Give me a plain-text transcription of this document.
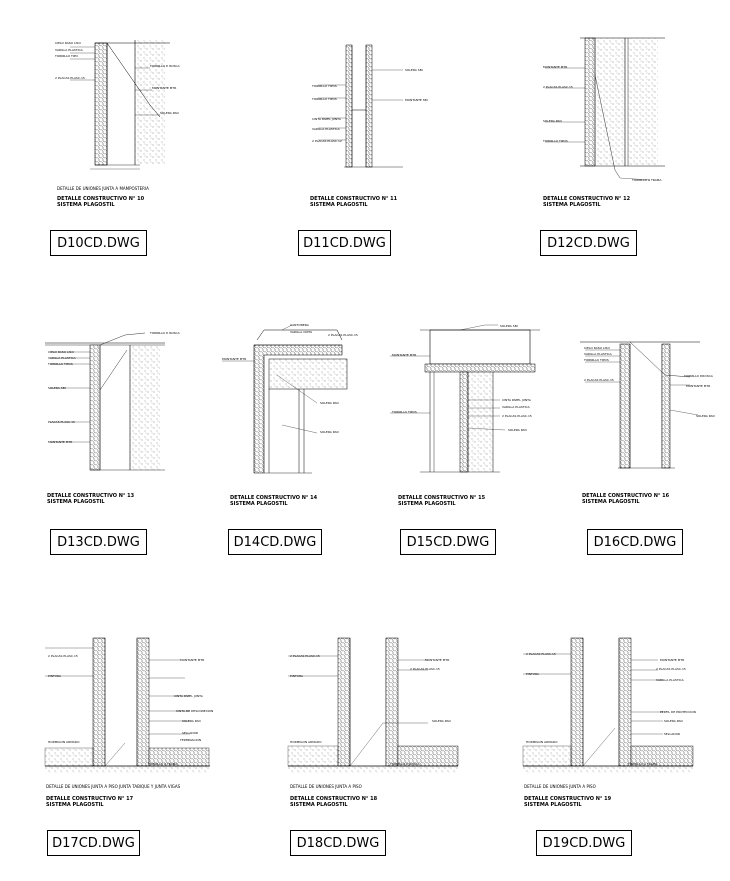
CIELO RASO LISO
VARILLA PLASTICA
TORNILLO TIPO
2 PLACAS PLASC.15
TORNILLO P. ROSCA
MONTANTE MTR
SOLERA PAD
DETALLE DE UNIONES JUNTA A MAMPOSTERIA
DETALLE CONSTRUCTIVO N° 10
SISTEMA PLAGOSTIL
D10CD.DWG
SOLERA SBI
TORNILLO TIPOS
TORNILLO TIPOS	MONTANTE SBI
CINTA PAPEL JUNTA
VARILLA PLASTICA
2 PLACAS PLASC.12
DETALLE CONSTRUCTIVO N° 11
SISTEMA PLAGOSTIL
D11CD.DWG
MONTANTE MTR
2 PLACAS PLASC.15
SOLERA PAD
TORNILLO TIPOS
TORNILLO A TRAMA
DETALLE CONSTRUCTIVO N° 12
SISTEMA PLAGOSTIL
D12CD.DWG
TORNILLO P. ROSCA
CIELO RASO LISO
VARILLA PLASTICA
TORNILLO TIPOS
SOLERA SBI
PLACAS PLASC.15
MONTANTE MTR
DETALLE CONSTRUCTIVO N° 13
SISTEMA PLAGOSTIL
D13CD.DWG
CANTONERA
VARILLA CINTA
2 PLACAS PLASC.15
MONTANTE MTR
SOLERA PAD
SOLERA PAD
DETALLE CONSTRUCTIVO N° 14
SISTEMA PLAGOSTIL
D14CD.DWG
SOLERA SBI
MONTANTE MTR
CINTA PAPEL JUNTA
VARILLA PLASTICA
2 PLACAS PLASC.15
SOLERA PAD
TORNILLO TIPOS
DETALLE CONSTRUCTIVO N° 15
SISTEMA PLAGOSTIL
D15CD.DWG
CIELO RASO LISO
VARILLA PLASTICA
TORNILLO TIPOS
2 PLACAS PLASC.15
TORNILLO P.ROSCA
MONTANTE MTR
SOLERA PAD
DETALLE CONSTRUCTIVO N° 16
SISTEMA PLAGOSTIL
D16CD.DWG
2 PLACAS PLASC.15
MONTANTE MTR
PINTURA
CINTA PAPEL JUNTA
CINTA DE DESCONEXION
SOLERA PAD
SELLADOR
TERMINACION
TORNILLO A TRAMA
HORMIGON ARMADO
DETALLE DE UNIONES JUNTA A PISO JUNTA TABIQUE Y JUNTA VIGAS
DETALLE CONSTRUCTIVO N° 17
SISTEMA PLAGOSTIL
D17CD.DWG
2 PLACAS PLASC.15
MONTANTE MTR
PINTURA
2 PLACAS PLASC.15
SOLERA PAD
TORNILLO P. ROSCA
HORMIGON ARMADO
DETALLE DE UNIONES JUNTA A PISO
DETALLE CONSTRUCTIVO N° 18
SISTEMA PLAGOSTIL
D18CD.DWG
2 PLACAS PLASC.15
MONTANTE MTR
PINTURA
2 PLACAS PLASC.15
VARILLA PLASTICA
PERFIL DE PROTECCION
SOLERA PAD
SELLADOR
TORNILLO A TRAMA
HORMIGON ARMADO
DETALLE DE UNIONES JUNTA A PISO
DETALLE CONSTRUCTIVO N° 19
SISTEMA PLAGOSTIL
D19CD.DWG
